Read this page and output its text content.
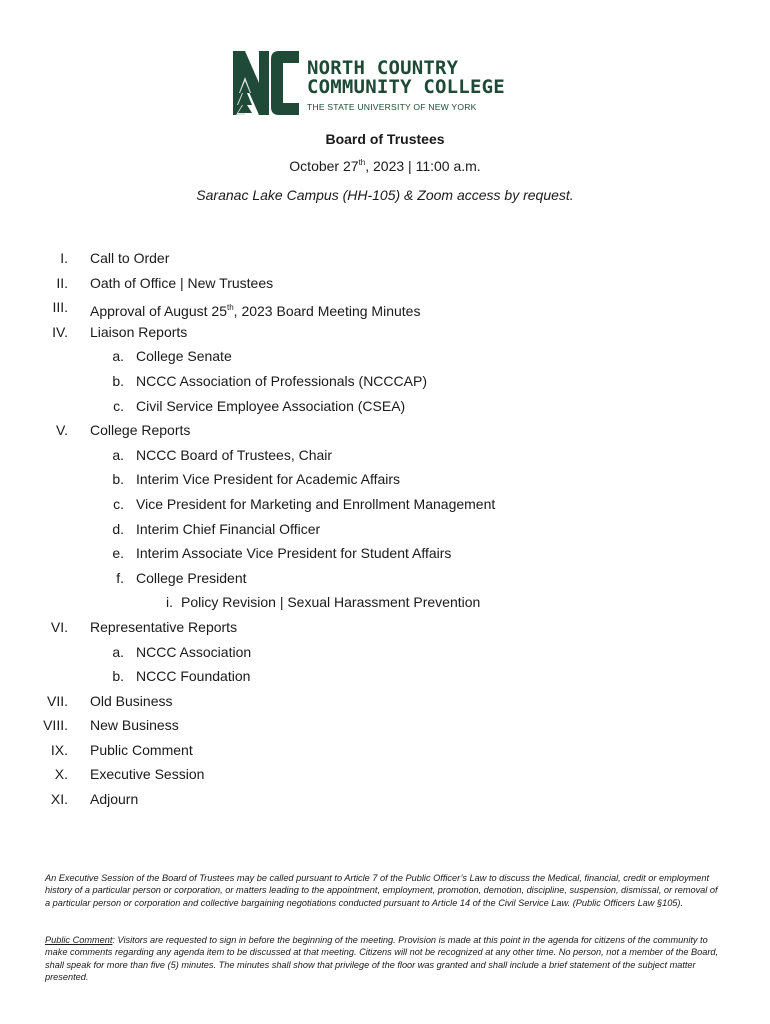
NORTH COUNTRY
COMMUNITY COLLEGE
THE STATE UNIVERSITY OF NEW YORK
Board of Trustees
October 27th, 2023 | 11:00 a.m.
Saranac Lake Campus (HH-105) & Zoom access by request.
I. Call to Order
II. Oath of Office | New Trustees
III. Approval of August 25th, 2023 Board Meeting Minutes
IV. Liaison Reports
a. College Senate
b. NCCC Association of Professionals (NCCCAP)
c. Civil Service Employee Association (CSEA)
V. College Reports
a. NCCC Board of Trustees, Chair
b. Interim Vice President for Academic Affairs
c. Vice President for Marketing and Enrollment Management
d. Interim Chief Financial Officer
e. Interim Associate Vice President for Student Affairs
f. College President
i. Policy Revision | Sexual Harassment Prevention
VI. Representative Reports
a. NCCC Association
b. NCCC Foundation
VII. Old Business
VIII. New Business
IX. Public Comment
X. Executive Session
XI. Adjourn
An Executive Session of the Board of Trustees may be called pursuant to Article 7 of the Public Officer’s Law to discuss the Medical, financial, credit or employment history of a particular person or corporation, or matters leading to the appointment, employment, promotion, demotion, discipline, suspension, dismissal, or removal of a particular person or corporation and collective bargaining negotiations conducted pursuant to Article 14 of the Civil Service Law. (Public Officers Law §105).
Public Comment: Visitors are requested to sign in before the beginning of the meeting. Provision is made at this point in the agenda for citizens of the community to make comments regarding any agenda item to be discussed at that meeting. Citizens will not be recognized at any other time. No person, not a member of the Board, shall speak for more than five (5) minutes. The minutes shall show that privilege of the floor was granted and shall include a brief statement of the subject matter presented.
